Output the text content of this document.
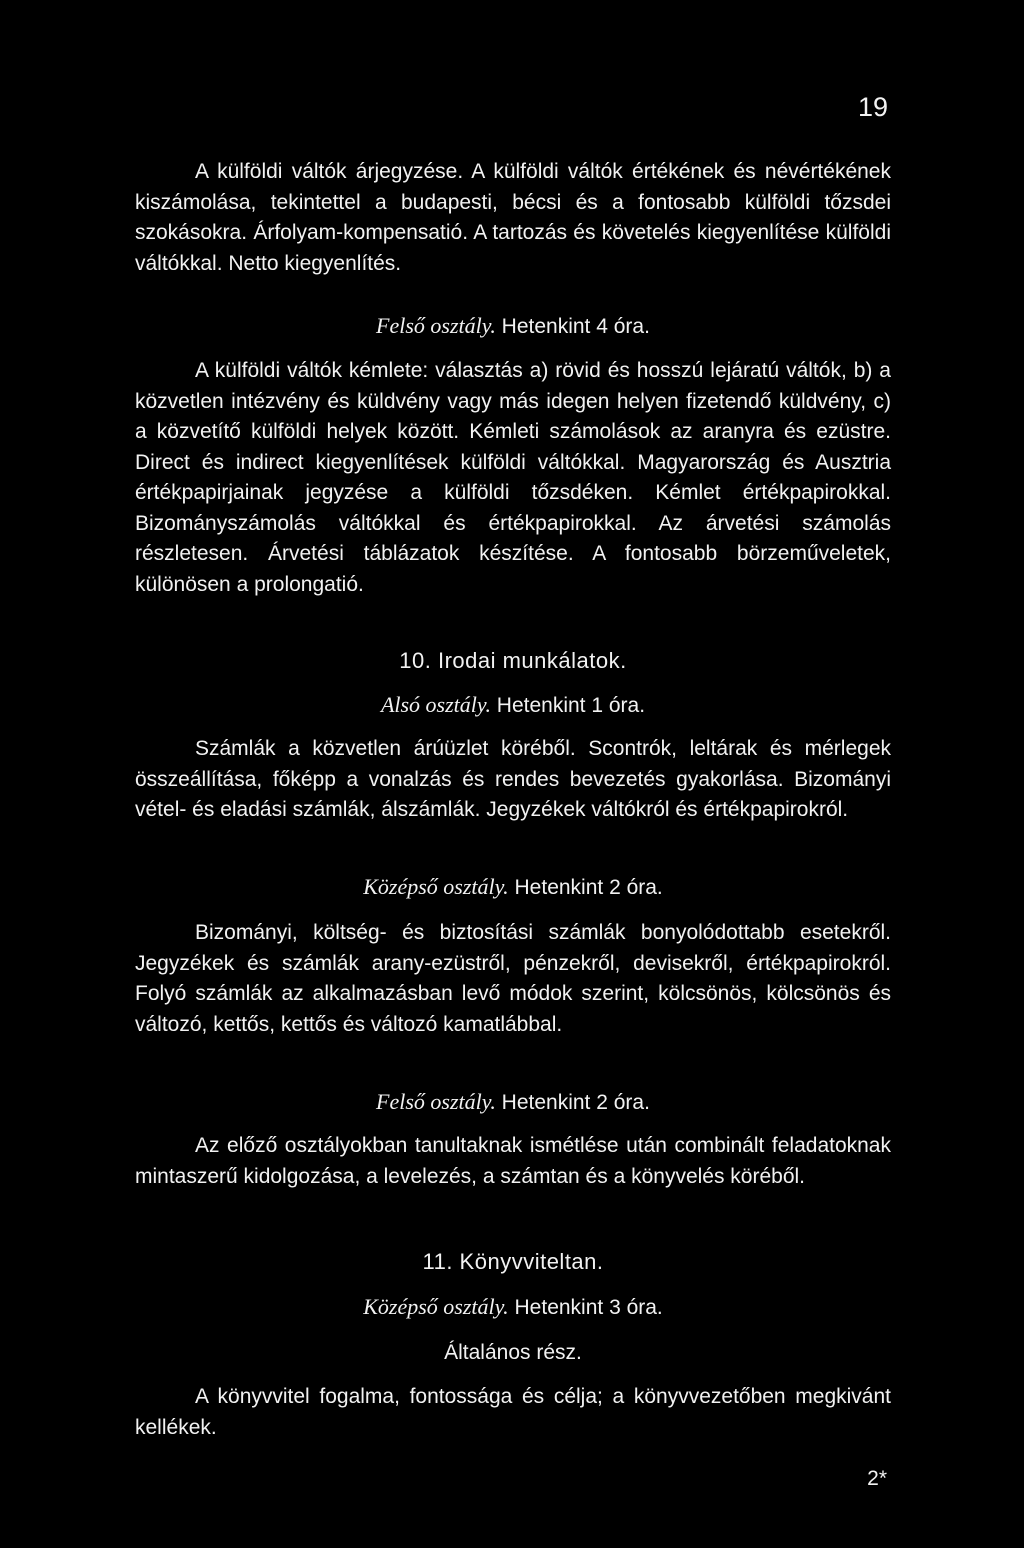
19

A külföldi váltók árjegyzése. A külföldi váltók értékének és névértékének kiszámolása, tekintettel a budapesti, bécsi és a fontosabb külföldi tőzsdei szokásokra. Árfolyam-kompensatió. A tartozás és követelés kiegyenlítése külföldi váltókkal. Netto kiegyenlítés.

Felső osztály. Hetenkint 4 óra.

A külföldi váltók kémlete: választás a) rövid és hosszú lejáratú váltók, b) a közvetlen intézvény és küldvény vagy más idegen helyen fizetendő küldvény, c) a közvetítő külföldi helyek között. Kémleti számolások az aranyra és ezüstre. Direct és indirect kiegyenlítések külföldi váltókkal. Magyarország és Ausztria értékpapirjainak jegyzése a külföldi tőzsdéken. Kémlet értékpapirokkal. Bizományszámolás váltókkal és értékpapirokkal. Az árvetési számolás részletesen. Árvetési táblázatok készítése. A fontosabb börzeműveletek, különösen a prolongatió.

10. Irodai munkálatok.

Alsó osztály. Hetenkint 1 óra.

Számlák a közvetlen árúüzlet köréből. Scontrók, leltárak és mérlegek összeállítása, főképp a vonalzás és rendes bevezetés gyakorlása. Bizományi vétel- és eladási számlák, álszámlák. Jegyzékek váltókról és értékpapirokról.

Középső osztály. Hetenkint 2 óra.

Bizományi, költség- és biztosítási számlák bonyolódottabb esetekről. Jegyzékek és számlák arany-ezüstről, pénzekről, devisekről, értékpapirokról. Folyó számlák az alkalmazásban levő módok szerint, kölcsönös, kölcsönös és változó, kettős, kettős és változó kamatlábbal.

Felső osztály. Hetenkint 2 óra.

Az előző osztályokban tanultaknak ismétlése után combinált feladatoknak mintaszerű kidolgozása, a levelezés, a számtan és a könyvelés köréből.

11. Könyvviteltan.

Középső osztály. Hetenkint 3 óra.

Általános rész.

A könyvvitel fogalma, fontossága és célja; a könyvvezetőben megkivánt kellékek.

2*
